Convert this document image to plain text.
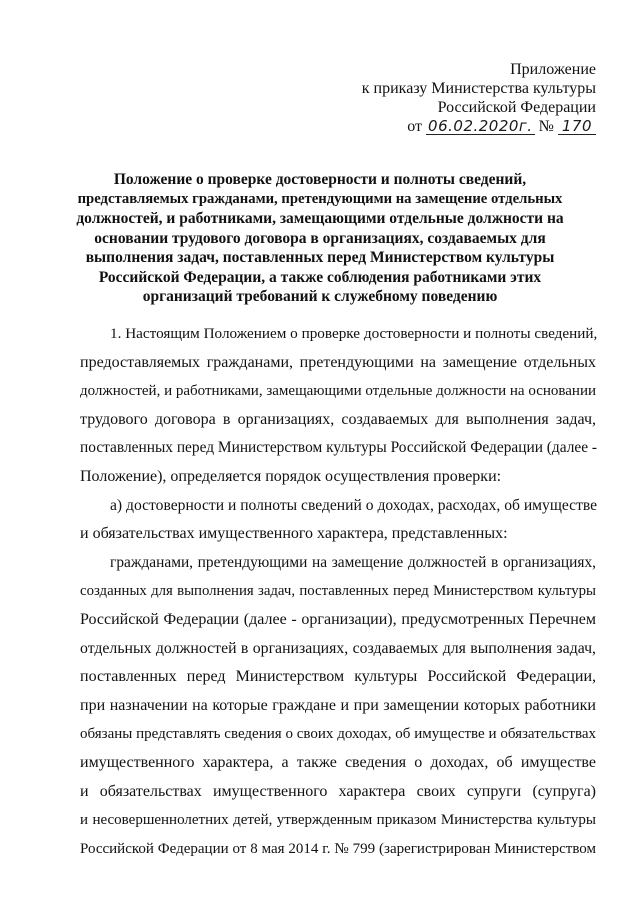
Приложение
к приказу Министерства культуры
Российской Федерации
от 06.02.2020г. № 170
Положение о проверке достоверности и полноты сведений,
представляемых гражданами, претендующими на замещение отдельных
должностей, и работниками, замещающими отдельные должности на
основании трудового договора в организациях, создаваемых для
выполнения задач, поставленных перед Министерством культуры
Российской Федерации, а также соблюдения работниками этих
организаций требований к служебному поведению
1. Настоящим Положением о проверке достоверности и полноты сведений,
предоставляемых гражданами, претендующими на замещение отдельных
должностей, и работниками, замещающими отдельные должности на основании
трудового договора в организациях, создаваемых для выполнения задач,
поставленных перед Министерством культуры Российской Федерации (далее -
Положение), определяется порядок осуществления проверки:
а) достоверности и полноты сведений о доходах, расходах, об имуществе
и обязательствах имущественного характера, представленных:
гражданами, претендующими на замещение должностей в организациях,
созданных для выполнения задач, поставленных перед Министерством культуры
Российской Федерации (далее - организации), предусмотренных Перечнем
отдельных должностей в организациях, создаваемых для выполнения задач,
поставленных перед Министерством культуры Российской Федерации,
при назначении на которые граждане и при замещении которых работники
обязаны представлять сведения о своих доходах, об имуществе и обязательствах
имущественного характера, а также сведения о доходах, об имуществе
и обязательствах имущественного характера своих супруги (супруга)
и несовершеннолетних детей, утвержденным приказом Министерства культуры
Российской Федерации от 8 мая 2014 г. № 799 (зарегистрирован Министерством
